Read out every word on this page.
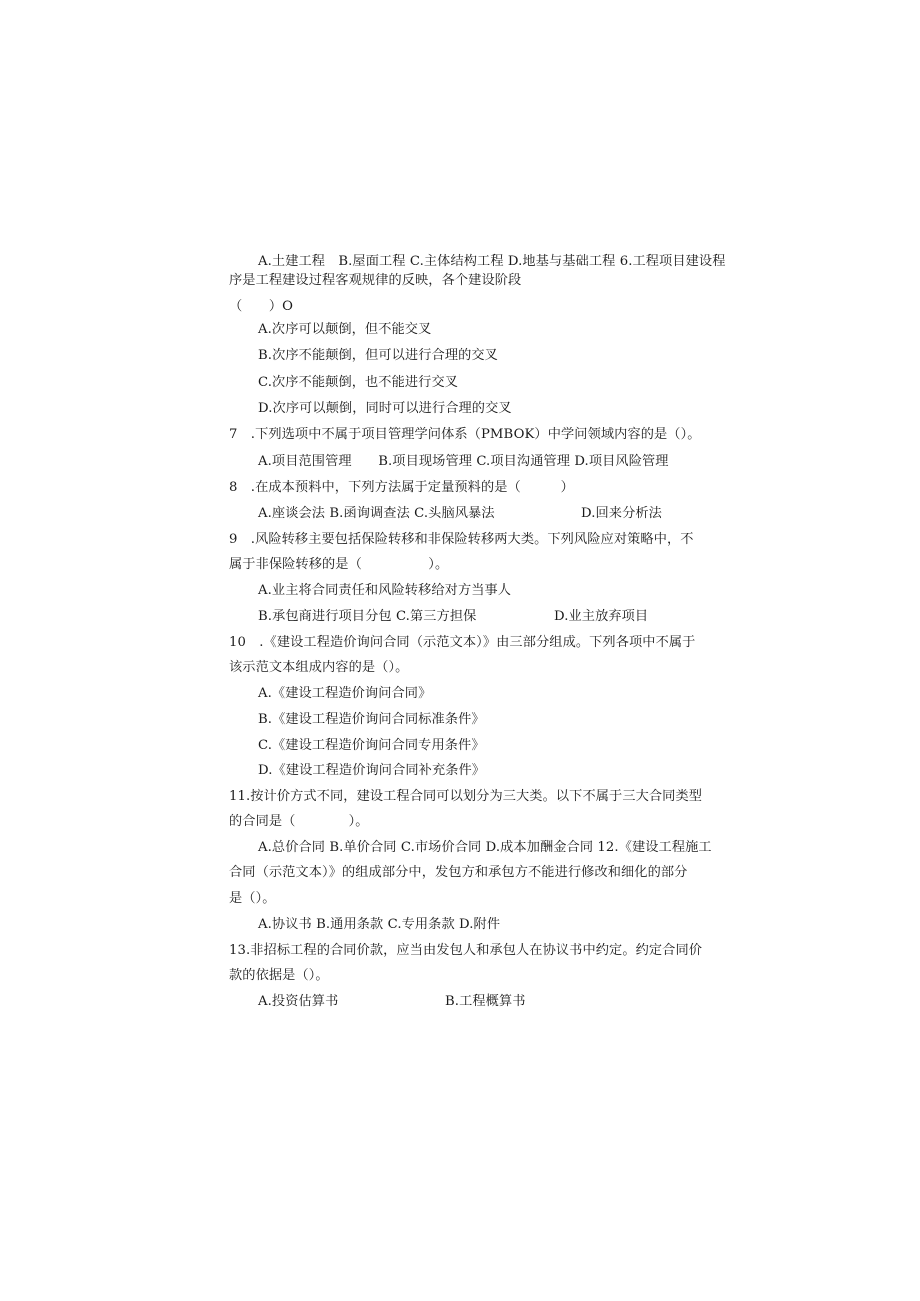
A.土建工程　B.屋面工程 C.主体结构工程 D.地基与基础工程 6.工程项目建设程
序是工程建设过程客观规律的反映，各个建设阶段
（　　）O
A.次序可以颠倒，但不能交叉
B.次序不能颠倒，但可以进行合理的交叉
C.次序不能颠倒，也不能进行交叉
D.次序可以颠倒，同时可以进行合理的交叉
7　.下列选项中不属于项目管理学问体系（PMBOK）中学问领域内容的是（）。
A.项目范围管理　　B.项目现场管理 C.项目沟通管理 D.项目风险管理
8　.在成本预料中，下列方法属于定量预料的是（　　　）

A.座谈会法 B.函询调查法 C.头脑风暴法

	D.回来分析法

9　.风险转移主要包括保险转移和非保险转移两大类。下列风险应对策略中，不
属于非保险转移的是（　　　　　）。
A.业主将合同责任和风险转移给对方当事人

B.承包商进行项目分包 C.第三方担保

	D.业主放弃项目

10　.《建设工程造价询问合同（示范文本）》由三部分组成。下列各项中不属于
该示范文本组成内容的是（）。
A.《建设工程造价询问合同》
B.《建设工程造价询问合同标准条件》
C.《建设工程造价询问合同专用条件》
D.《建设工程造价询问合同补充条件》
11.按计价方式不同，建设工程合同可以划分为三大类。以下不属于三大合同类型
的合同是（　　　　）。
A.总价合同 B.单价合同 C.市场价合同 D.成本加酬金合同 12.《建设工程施工
合同（示范文本）》的组成部分中，发包方和承包方不能进行修改和细化的部分
是（）。
A.协议书 B.通用条款 C.专用条款 D.附件
13.非招标工程的合同价款，应当由发包人和承包人在协议书中约定。约定合同价
款的依据是（）。

A.投资估算书

	B.工程概算书
